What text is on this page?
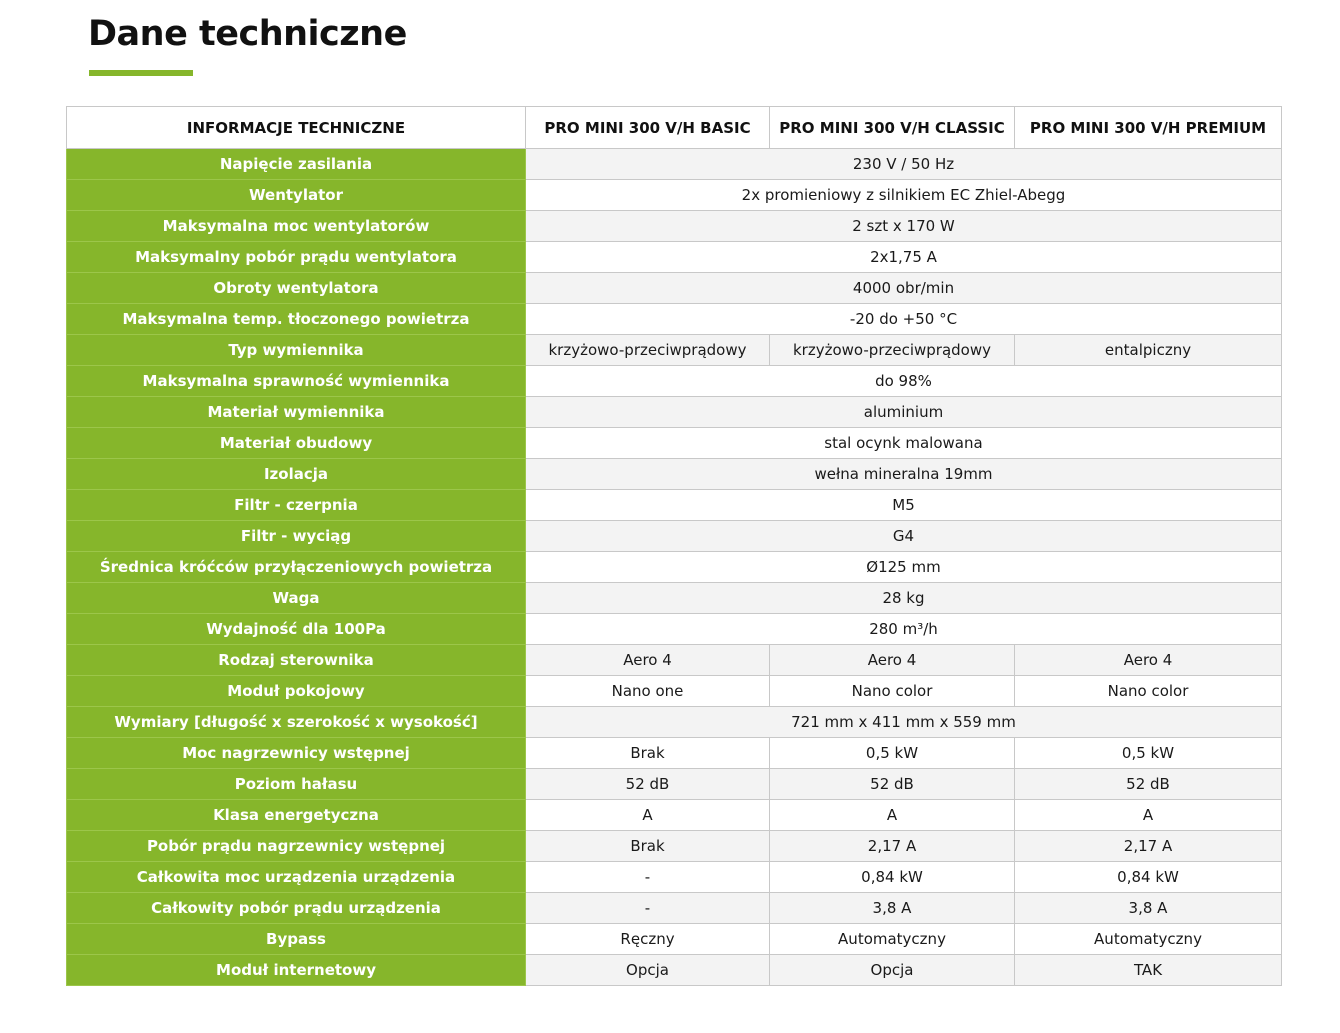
Dane techniczne
INFORMACJE TECHNICZNE	PRO MINI 300 V/H BASIC	PRO MINI 300 V/H CLASSIC	PRO MINI 300 V/H PREMIUM
Napięcie zasilania	230 V / 50 Hz		
Wentylator	2x promieniowy z silnikiem EC Zhiel-Abegg		
Maksymalna moc wentylatorów	2 szt x 170 W		
Maksymalny pobór prądu wentylatora	2x1,75 A		
Obroty wentylatora	4000 obr/min		
Maksymalna temp. tłoczonego powietrza	-20 do +50 °C		
Typ wymiennika	krzyżowo-przeciwprądowy	krzyżowo-przeciwprądowy	entalpiczny
Maksymalna sprawność wymiennika	do 98%		
Materiał wymiennika	aluminium		
Materiał obudowy	stal ocynk malowana		
Izolacja	wełna mineralna 19mm		
Filtr - czerpnia	M5		
Filtr - wyciąg	G4		
Średnica króćców przyłączeniowych powietrza	Ø125 mm		
Waga	28 kg		
Wydajność dla 100Pa	280 m³/h		
Rodzaj sterownika	Aero 4	Aero 4	Aero 4
Moduł pokojowy	Nano one	Nano color	Nano color
Wymiary [długość x szerokość x wysokość]	721 mm x 411 mm x 559 mm		
Moc nagrzewnicy wstępnej	Brak	0,5 kW	0,5 kW
Poziom hałasu	52 dB	52 dB	52 dB
Klasa energetyczna	A	A	A
Pobór prądu nagrzewnicy wstępnej	Brak	2,17 A	2,17 A
Całkowita moc urządzenia urządzenia	-	0,84 kW	0,84 kW
Całkowity pobór prądu urządzenia	-	3,8 A	3,8 A
Bypass	Ręczny	Automatyczny	Automatyczny
Moduł internetowy	Opcja	Opcja	TAK
